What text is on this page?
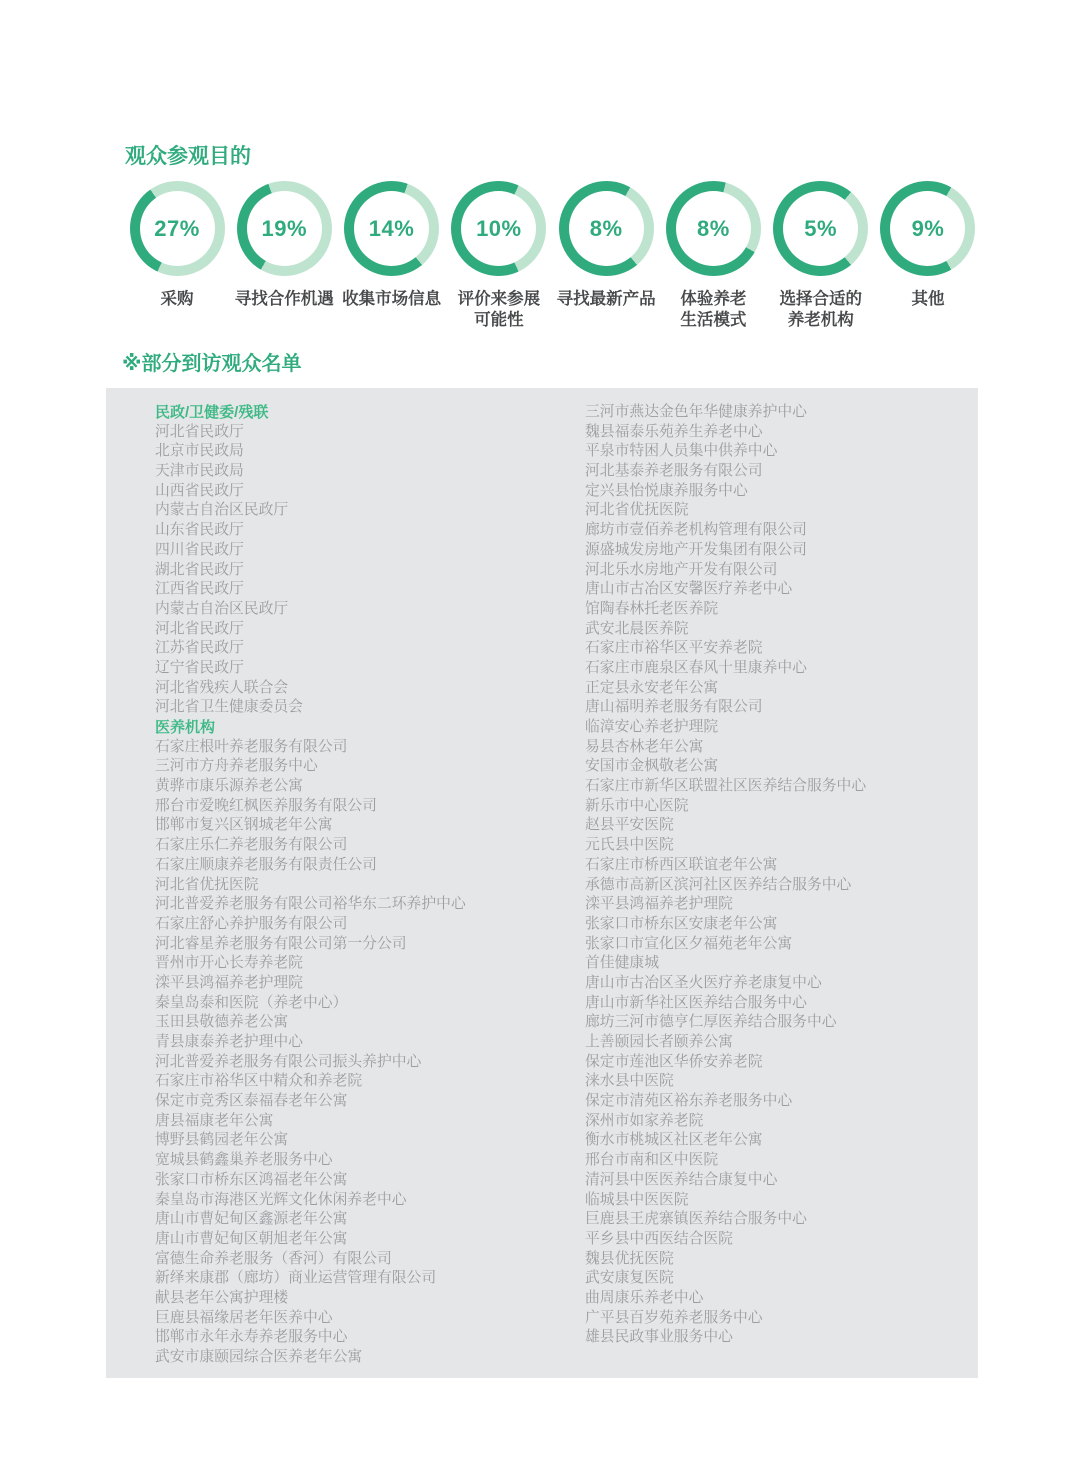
观众参观目的
27%
采购
19%
寻找合作机遇
14%
收集市场信息
10%
评价来参展
可能性
8%
寻找最新产品
8%
体验养老
生活模式
5%
选择合适的
养老机构
9%
其他
※部分到访观众名单
民政/卫健委/残联
河北省民政厅
北京市民政局
天津市民政局
山西省民政厅
内蒙古自治区民政厅
山东省民政厅
四川省民政厅
湖北省民政厅
江西省民政厅
内蒙古自治区民政厅
河北省民政厅
江苏省民政厅
辽宁省民政厅
河北省残疾人联合会
河北省卫生健康委员会
医养机构
石家庄根叶养老服务有限公司
三河市方舟养老服务中心
黄骅市康乐源养老公寓
邢台市爱晚红枫医养服务有限公司
邯郸市复兴区钢城老年公寓
石家庄乐仁养老服务有限公司
石家庄顺康养老服务有限责任公司
河北省优抚医院
河北普爱养老服务有限公司裕华东二环养护中心
石家庄舒心养护服务有限公司
河北睿星养老服务有限公司第一分公司
晋州市开心长寿养老院
滦平县鸿福养老护理院
秦皇岛泰和医院（养老中心）
玉田县敬德养老公寓
青县康泰养老护理中心
河北普爱养老服务有限公司振头养护中心
石家庄市裕华区中精众和养老院
保定市竞秀区泰福春老年公寓
唐县福康老年公寓
博野县鹤园老年公寓
宽城县鹤鑫巢养老服务中心
张家口市桥东区鸿福老年公寓
秦皇岛市海港区光辉文化休闲养老中心
唐山市曹妃甸区鑫源老年公寓
唐山市曹妃甸区朝旭老年公寓
富德生命养老服务（香河）有限公司
新绎来康郡（廊坊）商业运营管理有限公司
献县老年公寓护理楼
巨鹿县福缘居老年医养中心
邯郸市永年永寿养老服务中心
武安市康颐园综合医养老年公寓
三河市燕达金色年华健康养护中心
魏县福泰乐苑养生养老中心
平泉市特困人员集中供养中心
河北基泰养老服务有限公司
定兴县怡悦康养服务中心
河北省优抚医院
廊坊市壹佰养老机构管理有限公司
源盛城发房地产开发集团有限公司
河北乐水房地产开发有限公司
唐山市古冶区安馨医疗养老中心
馆陶春林托老医养院
武安北晨医养院
石家庄市裕华区平安养老院
石家庄市鹿泉区春风十里康养中心
正定县永安老年公寓
唐山福明养老服务有限公司
临漳安心养老护理院
易县杏林老年公寓
安国市金枫敬老公寓
石家庄市新华区联盟社区医养结合服务中心
新乐市中心医院
赵县平安医院
元氏县中医院
石家庄市桥西区联谊老年公寓
承德市高新区滨河社区医养结合服务中心
滦平县鸿福养老护理院
张家口市桥东区安康老年公寓
张家口市宣化区夕福苑老年公寓
首佳健康城
唐山市古冶区圣火医疗养老康复中心
唐山市新华社区医养结合服务中心
廊坊三河市德亨仁厚医养结合服务中心
上善颐园长者颐养公寓
保定市莲池区华侨安养老院
涞水县中医院
保定市清苑区裕东养老服务中心
深州市如家养老院
衡水市桃城区社区老年公寓
邢台市南和区中医院
清河县中医医养结合康复中心
临城县中医医院
巨鹿县王虎寨镇医养结合服务中心
平乡县中西医结合医院
魏县优抚医院
武安康复医院
曲周康乐养老中心
广平县百岁苑养老服务中心
雄县民政事业服务中心
